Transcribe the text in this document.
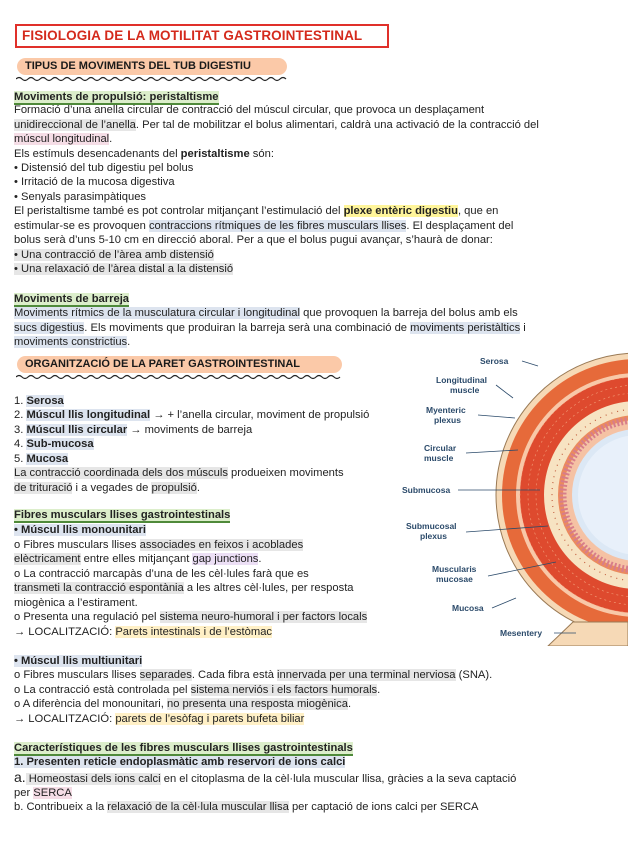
FISIOLOGIA DE LA MOTILITAT GASTROINTESTINAL
TIPUS DE MOVIMENTS DEL TUB DIGESTIU
Moviments de propulsió: peristaltisme
Formació d’una anella circular de contracció del múscul circular, que provoca un desplaçament
unidireccional de l’anella. Per tal de mobilitzar el bolus alimentari, caldrà una activació de la contracció del
múscul longitudinal.
Els estímuls desencadenants del peristaltisme són:
• Distensió del tub digestiu pel bolus
• Irritació de la mucosa digestiva
• Senyals parasimpàtiques
El peristaltisme també es pot controlar mitjançant l’estimulació del plexe entèric digestiu, que en
estimular-se es provoquen contraccions rítmiques de les fibres musculars llises. El desplaçament del
bolus serà d’uns 5-10 cm en direcció aboral. Per a que el bolus pugui avançar, s’haurà de donar:
• Una contracció de l’àrea amb distensió
• Una relaxació de l’àrea distal a la distensió
Moviments de barreja
Moviments rítmics de la musculatura circular i longitudinal que provoquen la barreja del bolus amb els
sucs digestius. Els moviments que produiran la barreja serà una combinació de moviments peristàltics i
moviments constrictius.
ORGANITZACIÓ DE LA PARET GASTROINTESTINAL
1. Serosa
2. Múscul llis longitudinal → + l’anella circular, moviment de propulsió
3. Múscul llis circular → moviments de barreja
4. Sub-mucosa
5. Mucosa
La contracció coordinada dels dos músculs produeixen moviments
de trituració i a vegades de propulsió.
Serosa
Longitudinal
muscle
Myenteric
plexus
Circular
muscle
Submucosa
Submucosal
plexus
Muscularis
mucosae
Mucosa
Mesentery
Fibres musculars llises gastrointestinals
• Múscul llis monounitari
o Fibres musculars llises associades en feixos i acoblades
elèctricament entre elles mitjançant gap junctions.
o La contracció marcapàs d’una de les cèl·lules farà que es
transmeti la contracció espontània a les altres cèl·lules, per resposta
miogènica a l’estirament.
o Presenta una regulació pel sistema neuro-humoral i per factors locals
→ LOCALITZACIÓ: Parets intestinals i de l’estòmac
• Múscul llis multiunitari
o Fibres musculars llises separades. Cada fibra està innervada per una terminal nerviosa (SNA).
o La contracció està controlada pel sistema nerviós i els factors humorals.
o A diferència del monounitari, no presenta una resposta miogènica.
→ LOCALITZACIÓ: parets de l’esòfag i parets bufeta biliar
Característiques de les fibres musculars llises gastrointestinals
1. Presenten reticle endoplasmàtic amb reservori de ions calci
a. Homeostasi dels ions calci en el citoplasma de la cèl·lula muscular llisa, gràcies a la seva captació
per SERCA
b. Contribueix a la relaxació de la cèl·lula muscular llisa per captació de ions calci per SERCA
